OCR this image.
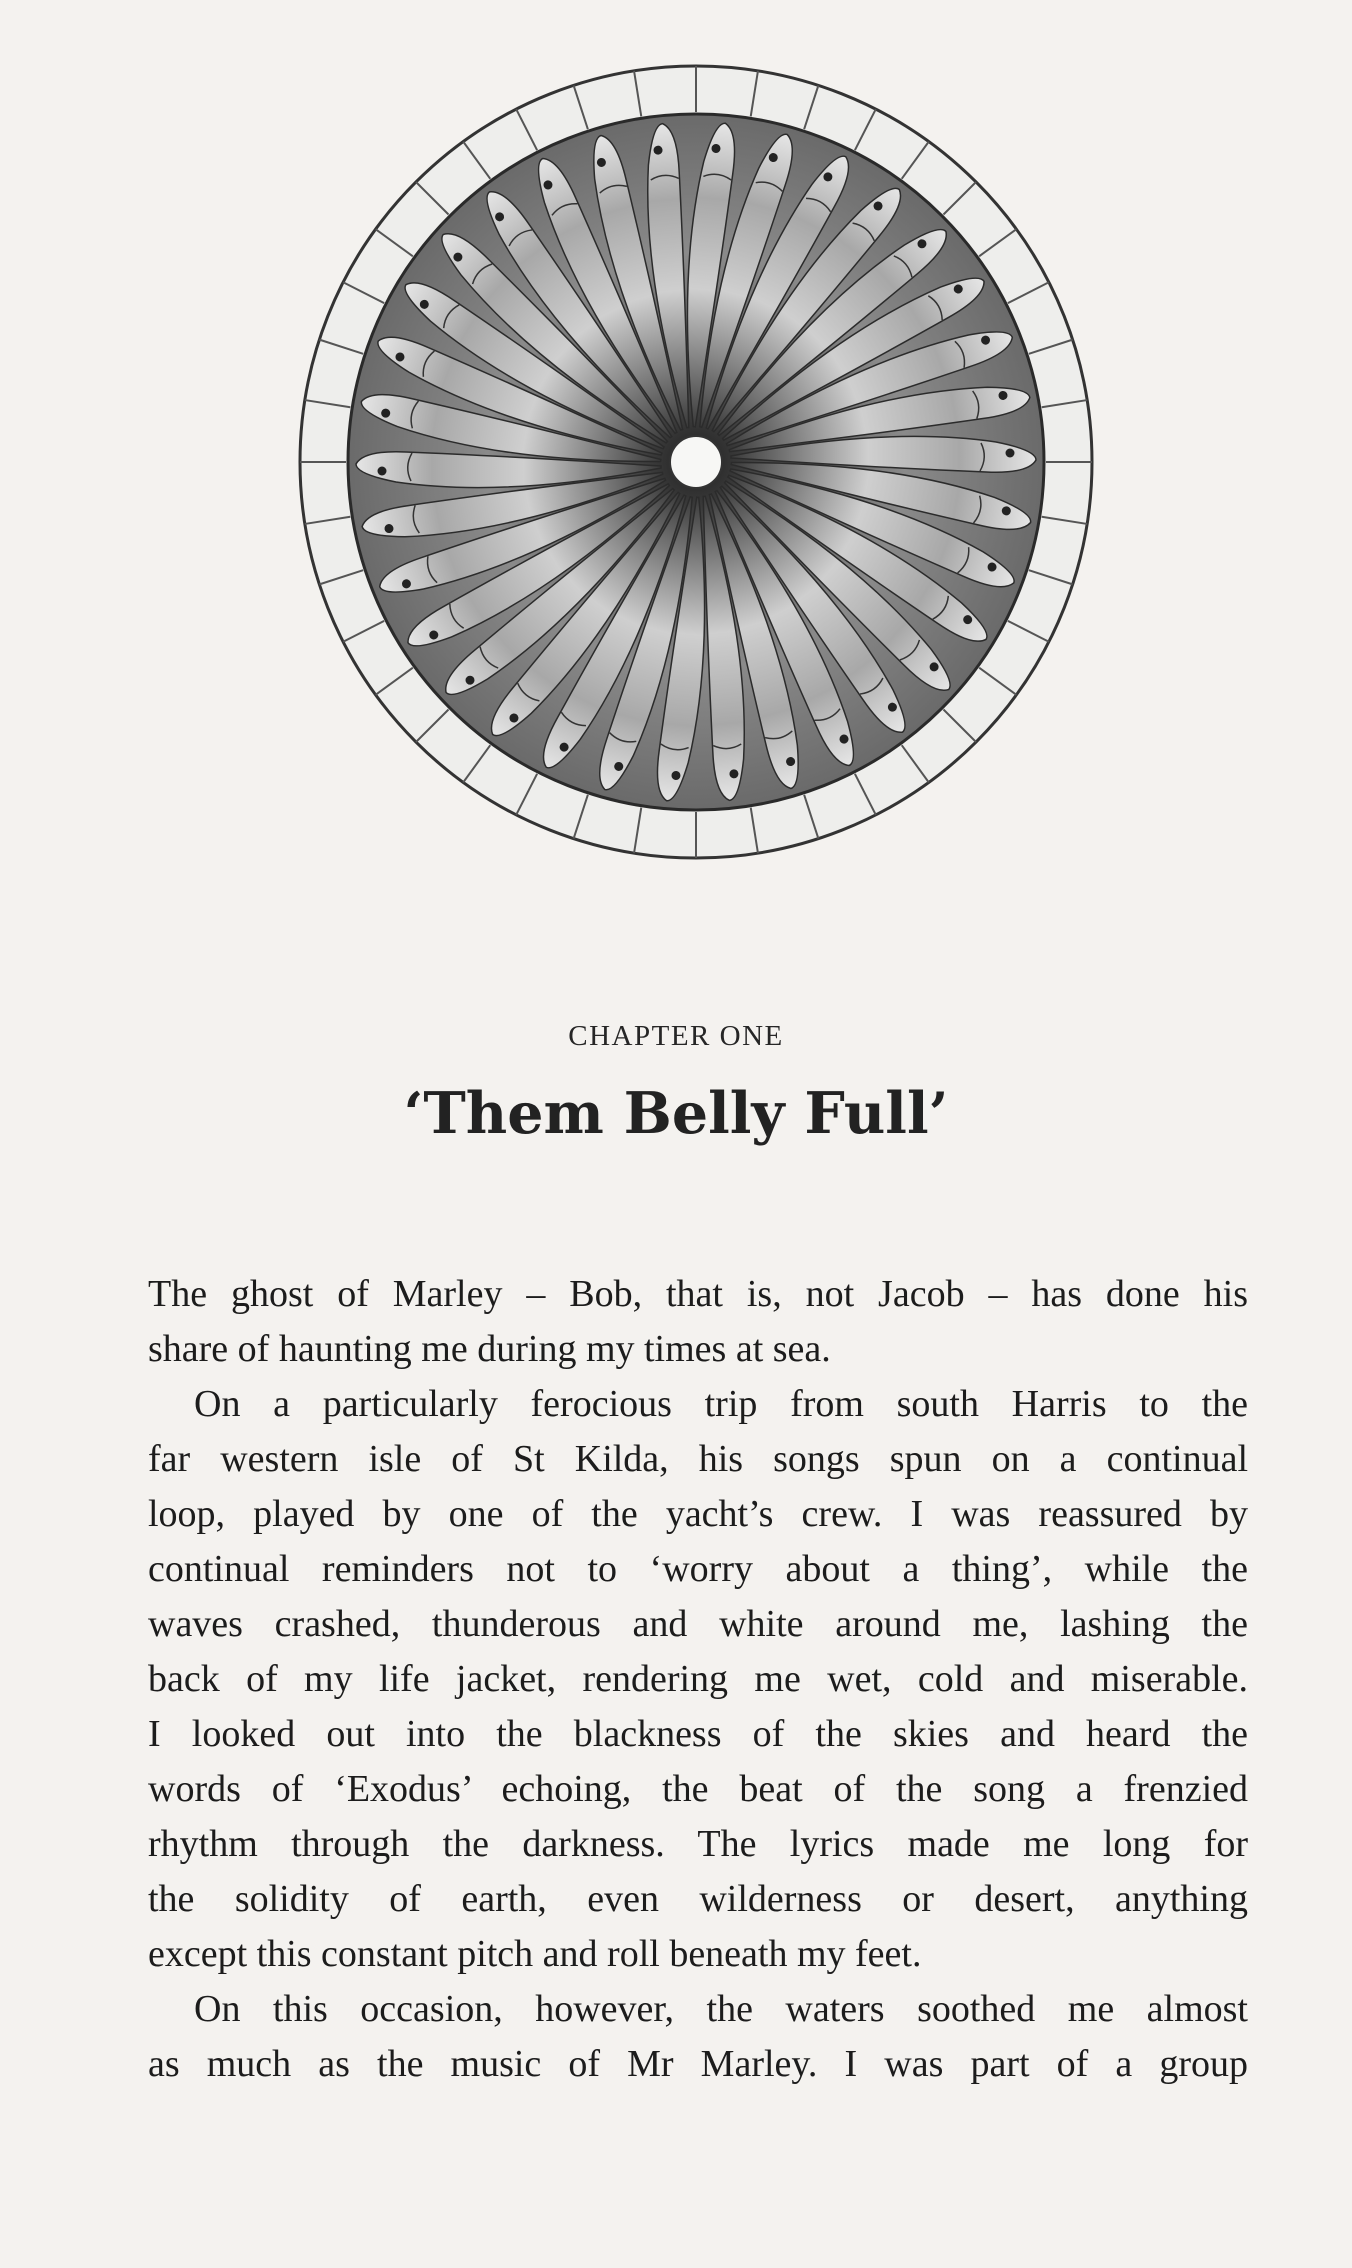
CHAPTER ONE
‘Them Belly Full’
The ghost of Marley – Bob, that is, not Jacob – has done his
share of haunting me during my times at sea.
On a particularly ferocious trip from south Harris to the
far western isle of St Kilda, his songs spun on a continual
loop, played by one of the yacht’s crew. I was reassured by
continual reminders not to ‘worry about a thing’, while the
waves crashed, thunderous and white around me, lashing the
back of my life jacket, rendering me wet, cold and miserable.
I looked out into the blackness of the skies and heard the
words of ‘Exodus’ echoing, the beat of the song a frenzied
rhythm through the darkness. The lyrics made me long for
the solidity of earth, even wilderness or desert, anything
except this constant pitch and roll beneath my feet.
On this occasion, however, the waters soothed me almost
as much as the music of Mr Marley. I was part of a group
